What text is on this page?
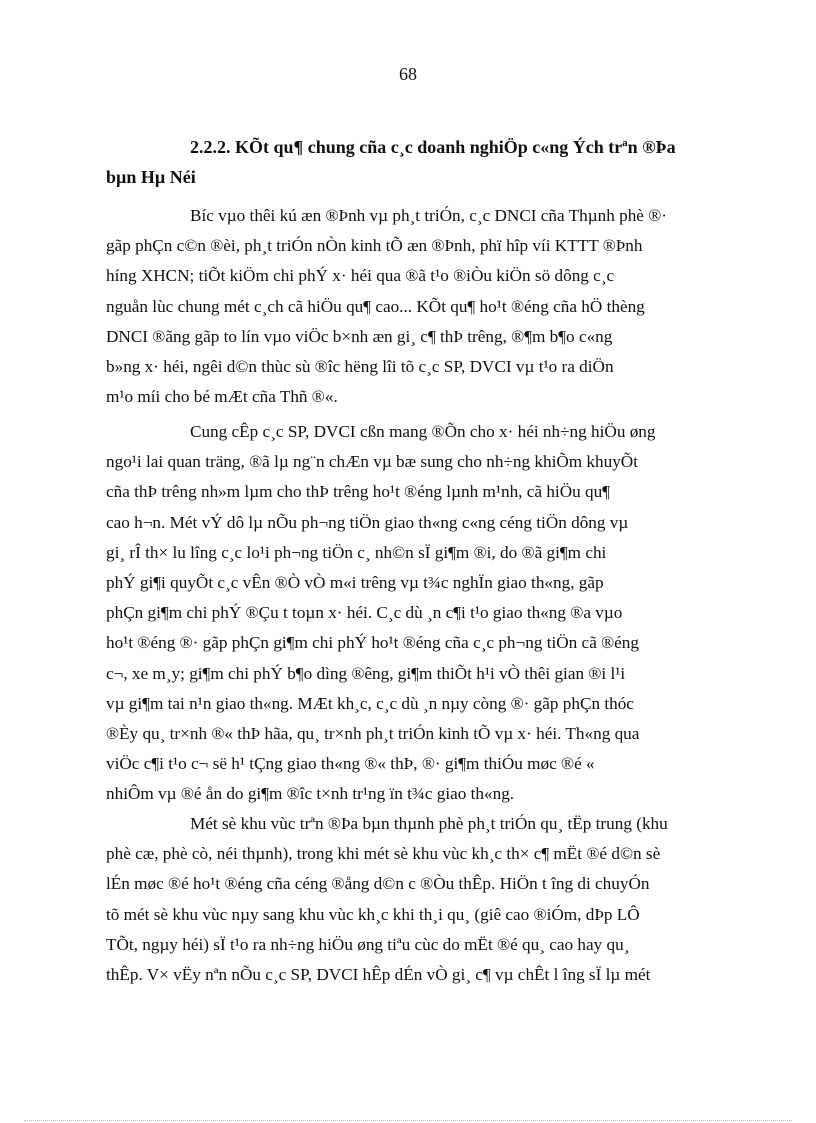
68
2.2.2. KÕt qu¶ chung cña c¸c doanh nghiÖp c«ng Ých trªn ®Þa
bµn Hµ Néi

Bíc vµo thêi kú æn ®Þnh vµ ph¸t triÓn, c¸c DNCI cña Thµnh phè ®·
gãp phÇn c©n ®èi, ph¸t triÓn nÒn kinh tÕ æn ®Þnh, phï hîp víi KTTT ®Þnh
híng XHCN; tiÕt kiÖm chi phÝ x· héi qua ®ã t¹o ®iÒu kiÖn sö dông c¸c
nguån lùc chung mét c¸ch cã hiÖu qu¶ cao... KÕt qu¶ ho¹t ®éng cña hÖ thèng
DNCI ®ãng gãp to lín vµo viÖc b×nh æn gi¸ c¶ thÞ trêng, ®¶m b¶o c«ng
b»ng x· héi, ngêi d©n thùc sù ®îc hëng lîi tõ c¸c SP, DVCI vµ t¹o ra diÖn
m¹o míi cho bé mÆt cña Thñ ®«.

Cung cÊp c¸c SP, DVCI cßn mang ®Õn cho x· héi nh÷ng hiÖu øng
ngo¹i lai quan träng, ®ã lµ ng¨n chÆn vµ bæ sung cho nh÷ng khiÕm khuyÕt
cña thÞ trêng nh»m lµm cho thÞ trêng ho¹t ®éng lµnh m¹nh, cã hiÖu qu¶
cao h¬n. Mét vÝ dô lµ nÕu ph¬ng tiÖn giao th«ng c«ng céng tiÖn dông vµ
gi¸ rÎ th× lu lîng c¸c lo¹i ph¬ng tiÖn c¸ nh©n sÏ gi¶m ®i, do ®ã gi¶m chi
phÝ gi¶i quyÕt c¸c vÊn ®Ò vÒ m«i trêng vµ t¾c nghÏn giao th«ng, gãp
phÇn gi¶m chi phÝ ®Çu t toµn x· héi. C¸c dù ¸n c¶i t¹o giao th«ng ®a vµo
ho¹t ®éng ®· gãp phÇn gi¶m chi phÝ ho¹t ®éng cña c¸c ph¬ng tiÖn cã ®éng
c¬, xe m¸y; gi¶m chi phÝ b¶o dìng ®êng, gi¶m thiÕt h¹i vÒ thêi gian ®i l¹i
vµ gi¶m tai n¹n giao th«ng. MÆt kh¸c, c¸c dù ¸n nµy còng ®· gãp phÇn thóc
®Èy qu¸ tr×nh ®« thÞ hãa, qu¸ tr×nh ph¸t triÓn kinh tÕ vµ x· héi. Th«ng qua
viÖc c¶i t¹o c¬ së h¹ tÇng giao th«ng ®« thÞ, ®· gi¶m thiÓu møc ®é «
nhiÔm vµ ®é ån do gi¶m ®îc t×nh tr¹ng ïn t¾c giao th«ng.

Mét sè khu vùc trªn ®Þa bµn thµnh phè ph¸t triÓn qu¸ tËp trung (khu
phè cæ, phè cò, néi thµnh), trong khi mét sè khu vùc kh¸c th× c¶ mËt ®é d©n sè
lÉn møc ®é ho¹t ®éng cña céng ®ång d©n c ®Òu thÊp. HiÖn t îng di chuyÓn
tõ mét sè khu vùc nµy sang khu vùc kh¸c khi th¸i qu¸ (giê cao ®iÓm, dÞp LÔ
TÕt, ngµy héi) sÏ t¹o ra nh÷ng hiÖu øng tiªu cùc do mËt ®é qu¸ cao hay qu¸
thÊp. V× vËy nªn nÕu c¸c SP, DVCI hÊp dÉn vÒ gi¸ c¶ vµ chÊt l îng sÏ lµ mét
